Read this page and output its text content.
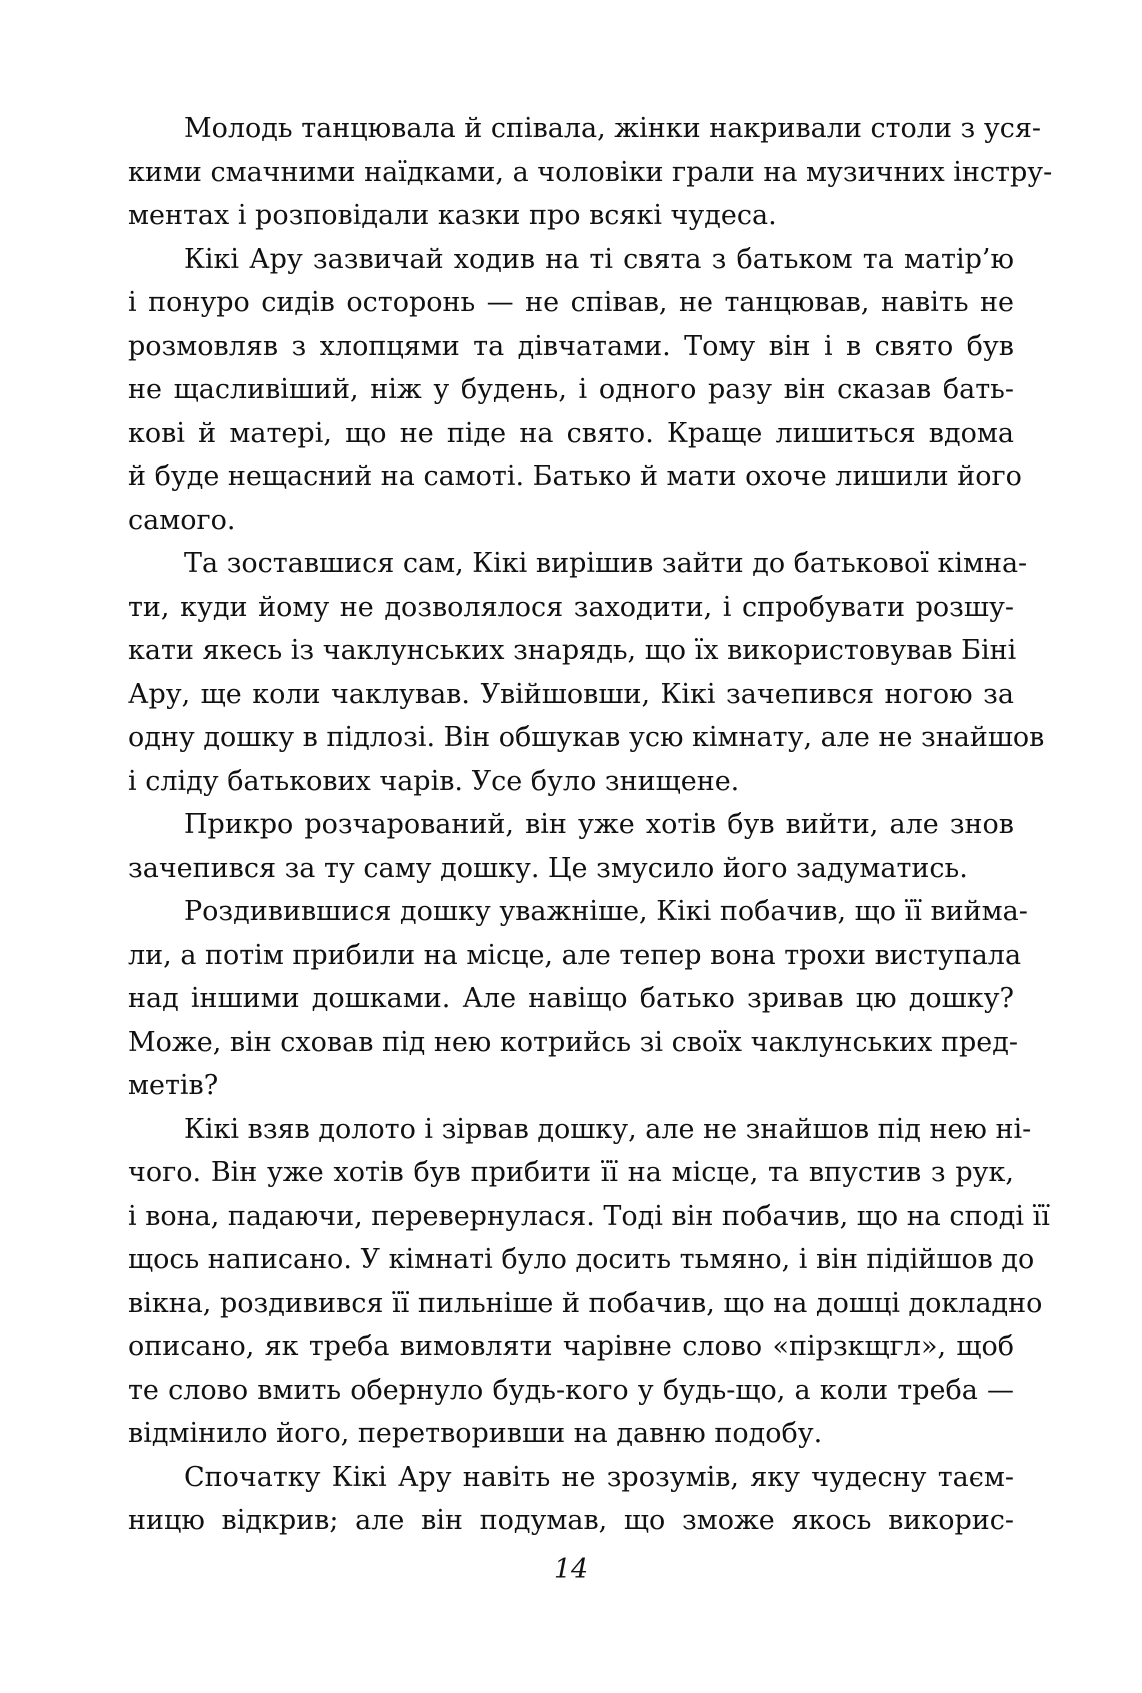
Молодь танцювала й співала, жінки накривали столи з уся-
кими смачними наїдками, а чоловіки грали на музичних інстру-
ментах і розповідали казки про всякі чудеса.
Кікі Ару зазвичай ходив на ті свята з батьком та матір’ю
і понуро сидів осторонь — не співав, не танцював, навіть не
розмовляв з хлопцями та дівчатами. Тому він і в свято був
не щасливіший, ніж у будень, і одного разу він сказав бать-
кові й матері, що не піде на свято. Краще лишиться вдома
й буде нещасний на самоті. Батько й мати охоче лишили його
самого.
Та зоставшися сам, Кікі вирішив зайти до батькової кімна-
ти, куди йому не дозволялося заходити, і спробувати розшу-
кати якесь із чаклунських знарядь, що їх використовував Біні
Ару, ще коли чаклував. Увійшовши, Кікі зачепився ногою за
одну дошку в підлозі. Він обшукав усю кімнату, але не знайшов
і сліду батькових чарів. Усе було знищене.
Прикро розчарований, він уже хотів був вийти, але знов
зачепився за ту саму дошку. Це змусило його задуматись.
Роздивившися дошку уважніше, Кікі побачив, що її виймa-
ли, а потім прибили на місце, але тепер вона трохи виступала
над іншими дошками. Але навіщо батько зривав цю дошку?
Може, він сховав під нею котрийсь зі своїх чаклунських пред-
метів?
Кікі взяв долото і зірвав дошку, але не знайшов під нею ні-
чого. Він уже хотів був прибити її на місце, та впустив з рук,
і вона, падаючи, перевернулася. Тоді він побачив, що на споді її
щось написано. У кімнаті було досить тьмяно, і він підійшов до
вікна, роздивився її пильніше й побачив, що на дошці докладно
описано, як треба вимовляти чарівне слово «пірзкщгл», щоб
те слово вмить обернуло будь-кого у будь-що, а коли треба —
відмінило його, перетворивши на давню подобу.
Спочатку Кікі Ару навіть не зрозумів, яку чудесну таєм-
ницю відкрив; але він подумав, що зможе якось викорис-
14
